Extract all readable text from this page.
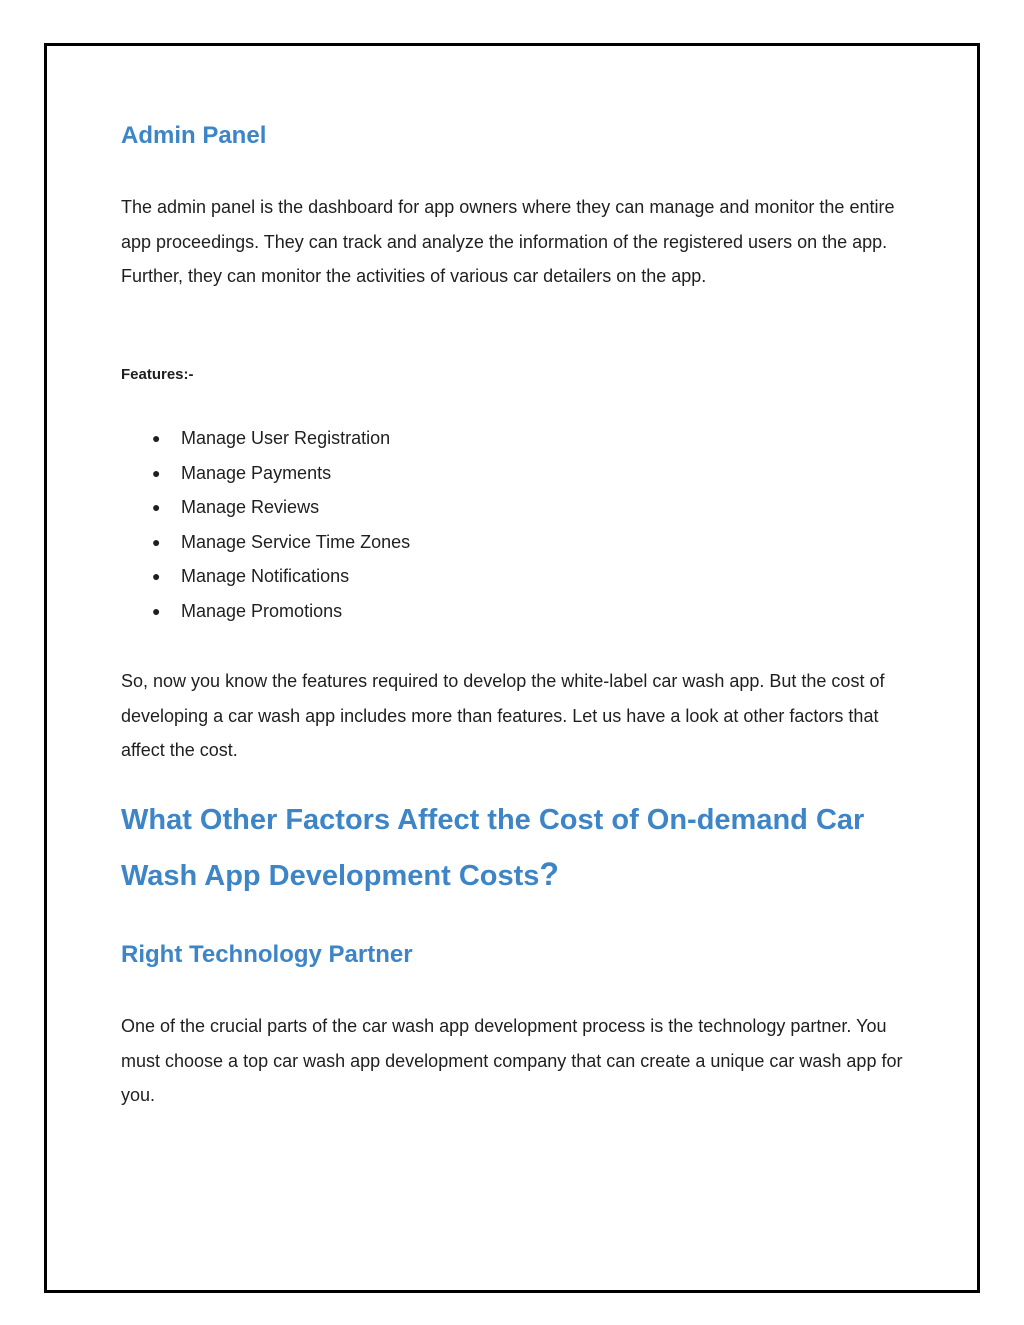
Admin Panel

The admin panel is the dashboard for app owners where they can manage and monitor the entire app proceedings. They can track and analyze the information of the registered users on the app. Further, they can monitor the activities of various car detailers on the app.

Features:-

● Manage User Registration
● Manage Payments
● Manage Reviews
● Manage Service Time Zones
● Manage Notifications
● Manage Promotions

So, now you know the features required to develop the white-label car wash app. But the cost of developing a car wash app includes more than features. Let us have a look at other factors that affect the cost.

What Other Factors Affect the Cost of On-demand Car Wash App Development Costs?
Right Technology Partner

One of the crucial parts of the car wash app development process is the technology partner. You must choose a top car wash app development company that can create a unique car wash app for you.
